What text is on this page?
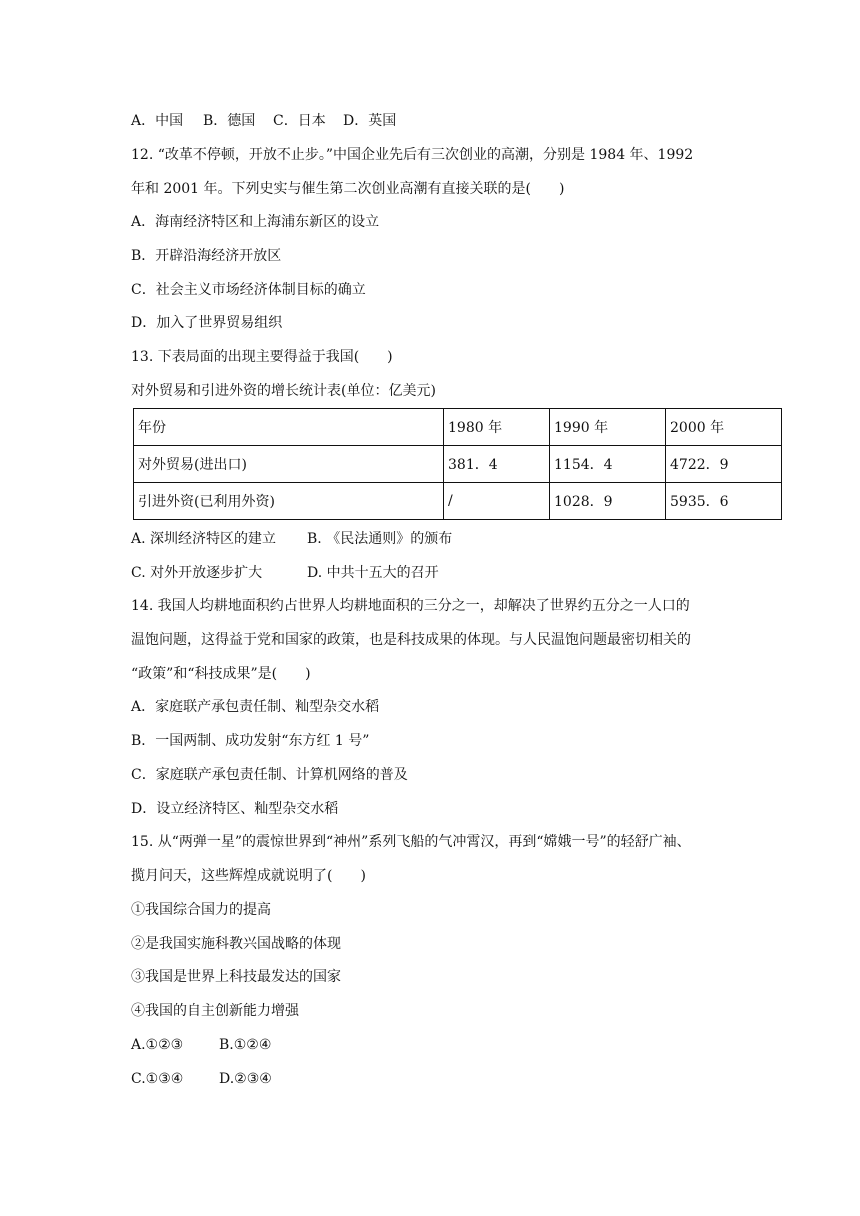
A．中国 B．德国 C．日本 D．英国
12. “改革不停顿，开放不止步。”中国企业先后有三次创业的高潮，分别是 1984 年、1992
年和 2001 年。下列史实与催生第二次创业高潮有直接关联的是(　　)
A．海南经济特区和上海浦东新区的设立
B．开辟沿海经济开放区
C．社会主义市场经济体制目标的确立
D．加入了世界贸易组织
13. 下表局面的出现主要得益于我国(　　)
对外贸易和引进外资的增长统计表(单位：亿美元)
年份	1980 年	1990 年	2000 年
对外贸易(进出口)	381．4	1154．4	4722．9
引进外资(已利用外资)	/	1028．9	5935．6
A. 深圳经济特区的建立 B. 《民法通则》的颁布
C. 对外开放逐步扩大	D. 中共十五大的召开
14. 我国人均耕地面积约占世界人均耕地面积的三分之一，却解决了世界约五分之一人口的
温饱问题，这得益于党和国家的政策，也是科技成果的体现。与人民温饱问题最密切相关的
“政策”和“科技成果”是(　　)
A．家庭联产承包责任制、籼型杂交水稻
B．一国两制、成功发射“东方红 1 号”
C．家庭联产承包责任制、计算机网络的普及
D．设立经济特区、籼型杂交水稻
15. 从“两弹一星”的震惊世界到“神州”系列飞船的气冲霄汉，再到“嫦娥一号”的轻舒广袖、
揽月问天，这些辉煌成就说明了(　　)
①我国综合国力的提高
②是我国实施科教兴国战略的体现
③我国是世界上科技最发达的国家
④我国的自主创新能力增强
A.①②③	B.①②④
C.①③④	D.②③④
